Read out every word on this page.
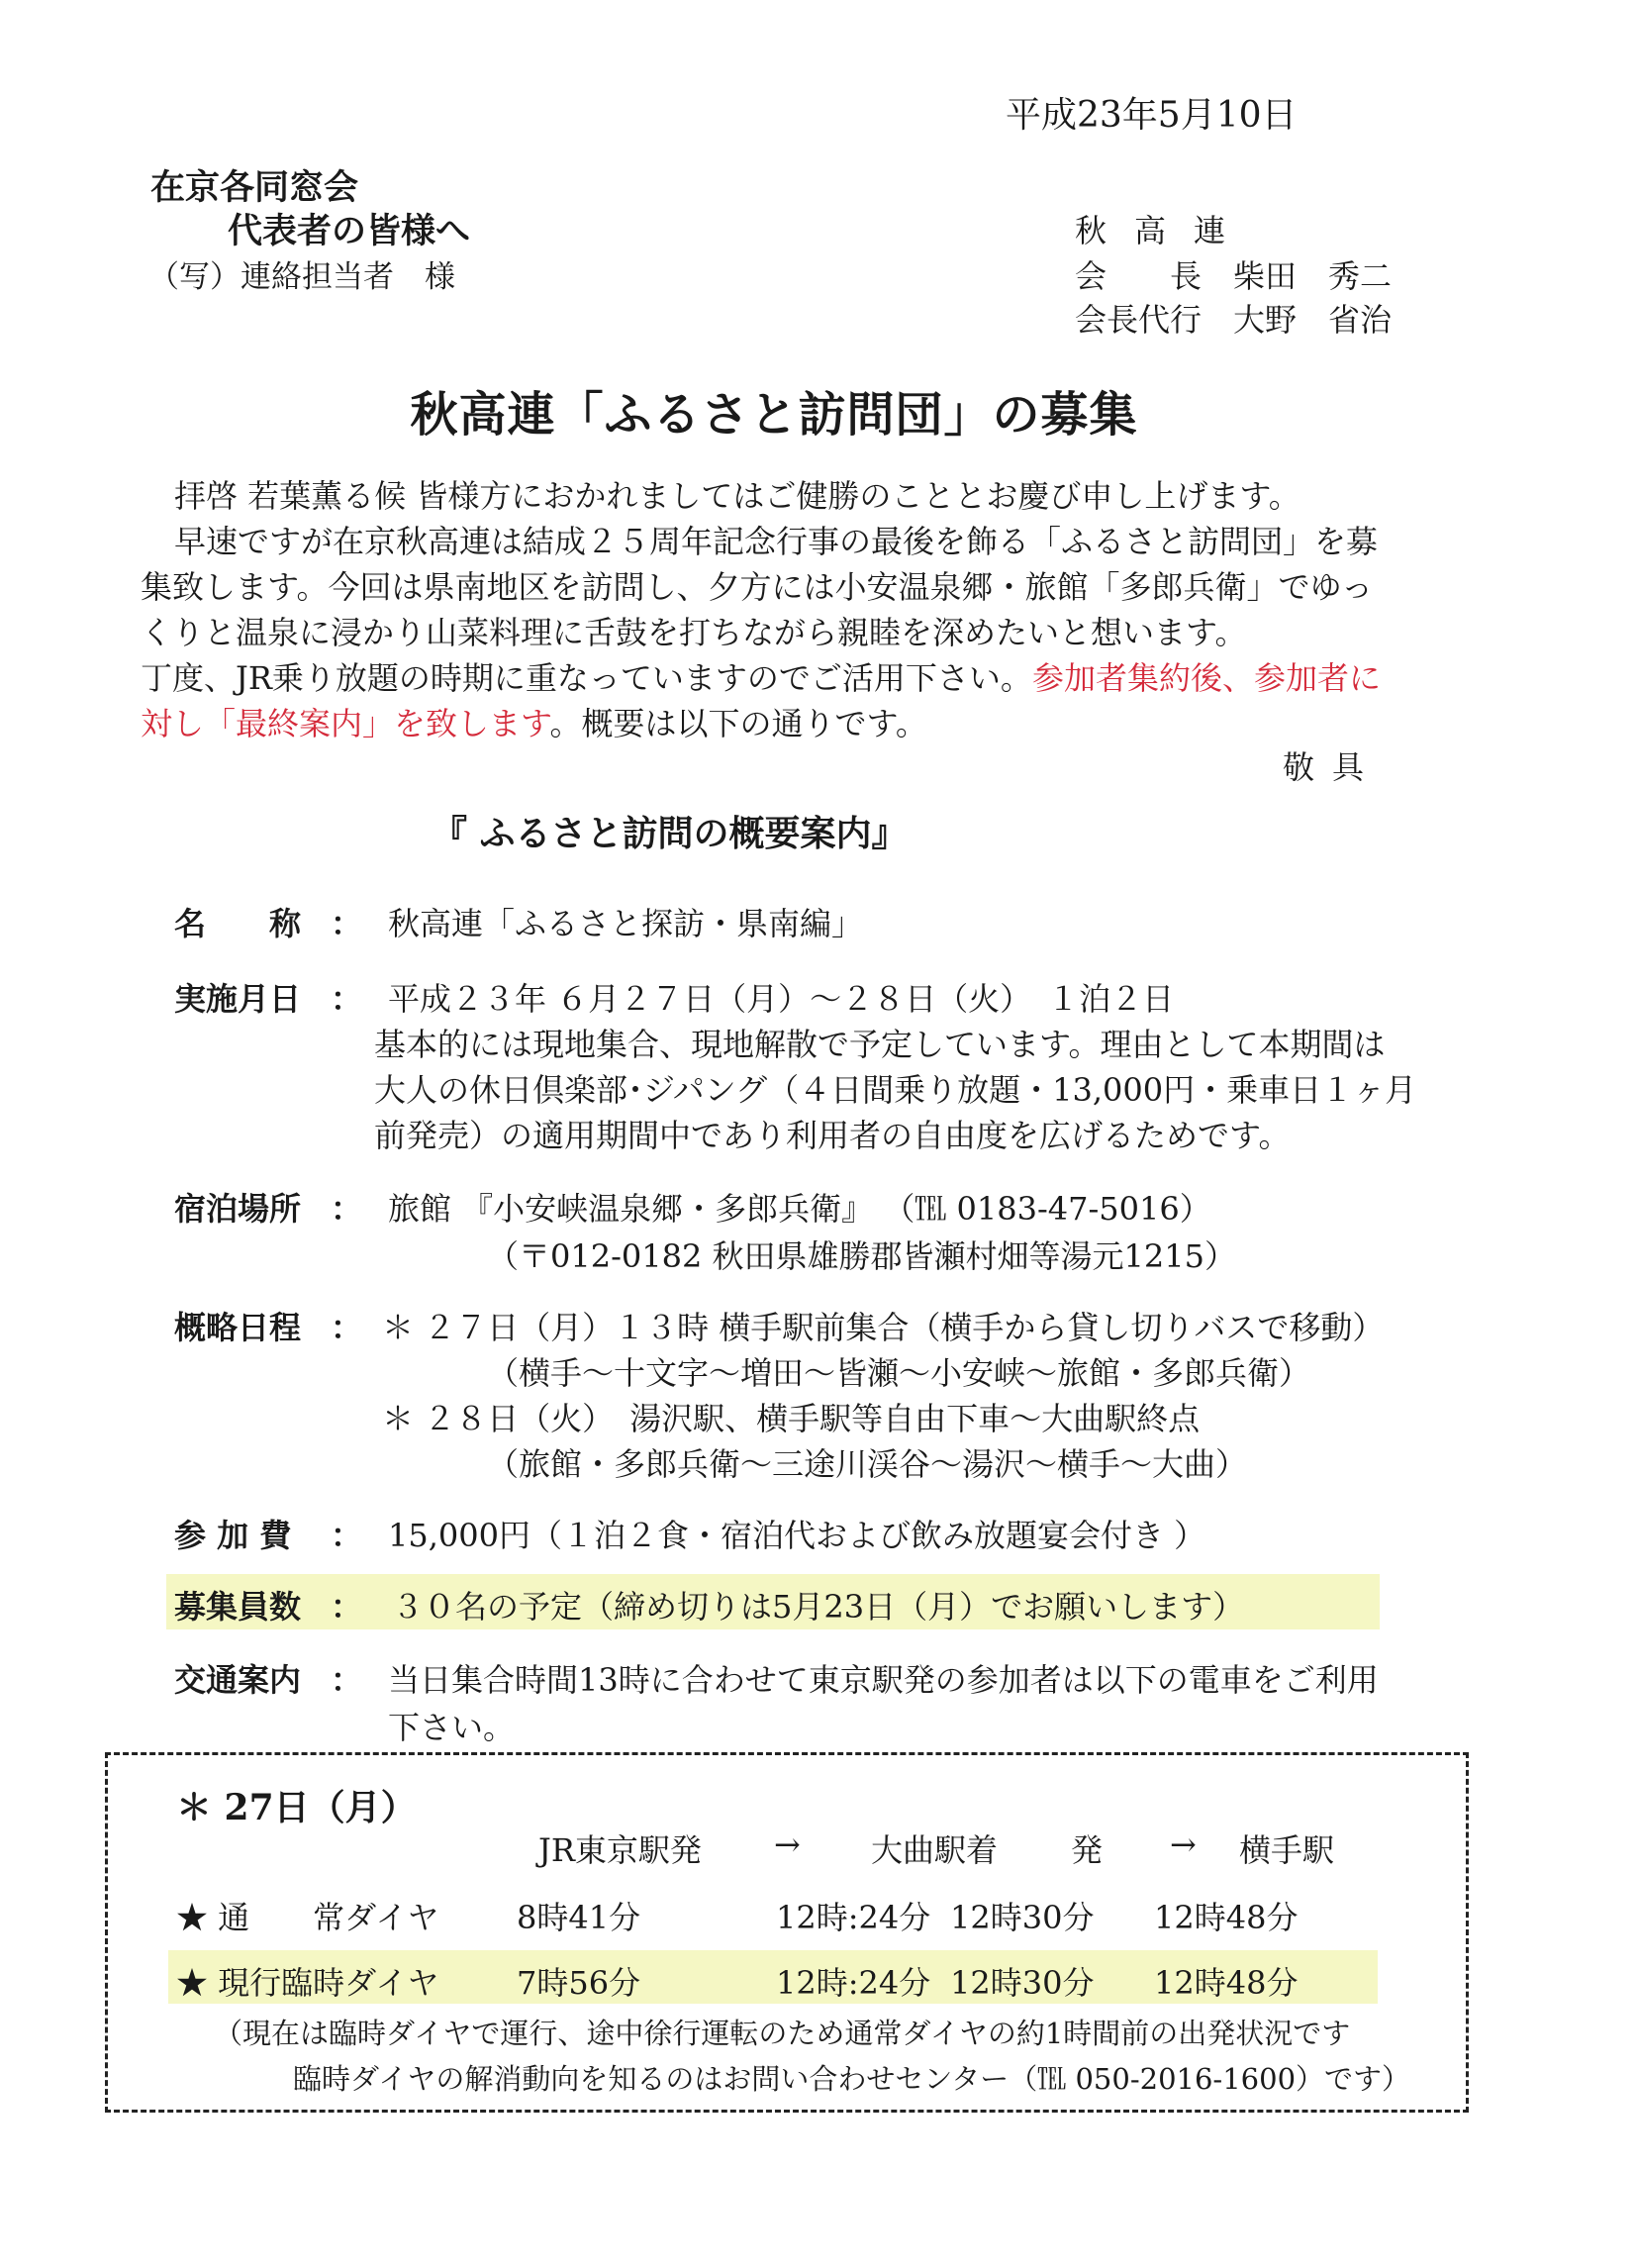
平成23年5月10日
在京各同窓会
代表者の皆様へ
（写）連絡担当者　様
秋高連
会　　長　柴田　秀二
会長代行　大野　省治
秋高連「ふるさと訪問団」の募集
拝啓 若葉薫る候 皆様方におかれましてはご健勝のこととお慶び申し上げます。
早速ですが在京秋高連は結成２５周年記念行事の最後を飾る「ふるさと訪問団」を募
集致します。今回は県南地区を訪問し、夕方には小安温泉郷・旅館「多郎兵衛」でゆっ
くりと温泉に浸かり山菜料理に舌鼓を打ちながら親睦を深めたいと想います。
丁度、JR乗り放題の時期に重なっていますのでご活用下さい。参加者集約後、参加者に
対し「最終案内」を致します。概要は以下の通りです。
敬具
『 ふるさと訪問の概要案内』
名　　称 ： 秋高連「ふるさと探訪・県南編」
実施月日 ： 平成２３年 ６月２７日（月）～２８日（火）　１泊２日
基本的には現地集合、現地解散で予定しています。理由として本期間は
大人の休日倶楽部･ジパング（４日間乗り放題・13,000円・乗車日１ヶ月
前発売）の適用期間中であり利用者の自由度を広げるためです。
宿泊場所 ： 旅館 『小安峡温泉郷・多郎兵衛』 （℡ 0183-47-5016）
（〒012-0182 秋田県雄勝郡皆瀬村畑等湯元1215）
概略日程 ： ＊ ２７日（月）１３時 横手駅前集合（横手から貸し切りバスで移動）
（横手～十文字～増田～皆瀬～小安峡～旅館・多郎兵衛）
＊ ２８日（火）　湯沢駅、横手駅等自由下車～大曲駅終点
（旅館・多郎兵衛～三途川渓谷～湯沢～横手～大曲）
参 加 費 ： 15,000円（１泊２食・宿泊代および飲み放題宴会付き ）
募集員数 ： ３０名の予定（締め切りは5月23日（月）でお願いします）
交通案内 ： 当日集合時間13時に合わせて東京駅発の参加者は以下の電車をご利用
下さい。
＊ 27日（月）
JR東京駅発 → 大曲駅着 発 → 横手駅
★ 通　　常ダイヤ 8時41分	12時:24分 12時30分 12時48分
★ 現行臨時ダイヤ 7時56分	12時:24分 12時30分 12時48分
（現在は臨時ダイヤで運行、途中徐行運転のため通常ダイヤの約1時間前の出発状況です
臨時ダイヤの解消動向を知るのはお問い合わせセンター（℡ 050-2016-1600）です）
